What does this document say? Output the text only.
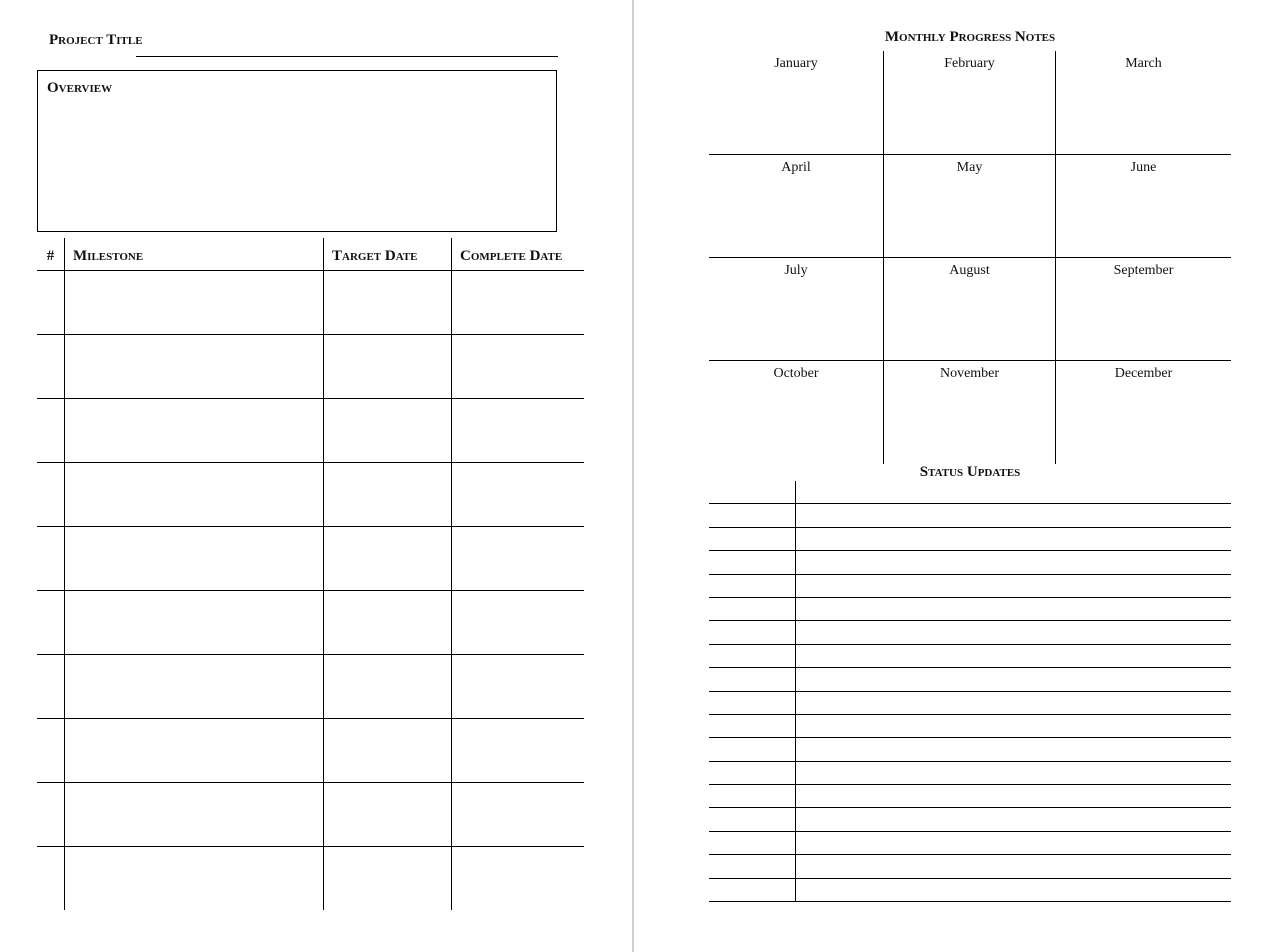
Project Title
Overview
#	Milestone	Target Date	Complete Date

Monthly Progress Notes
January	February	March
April	May	June
July	August	September
October	November	December
Status Updates
